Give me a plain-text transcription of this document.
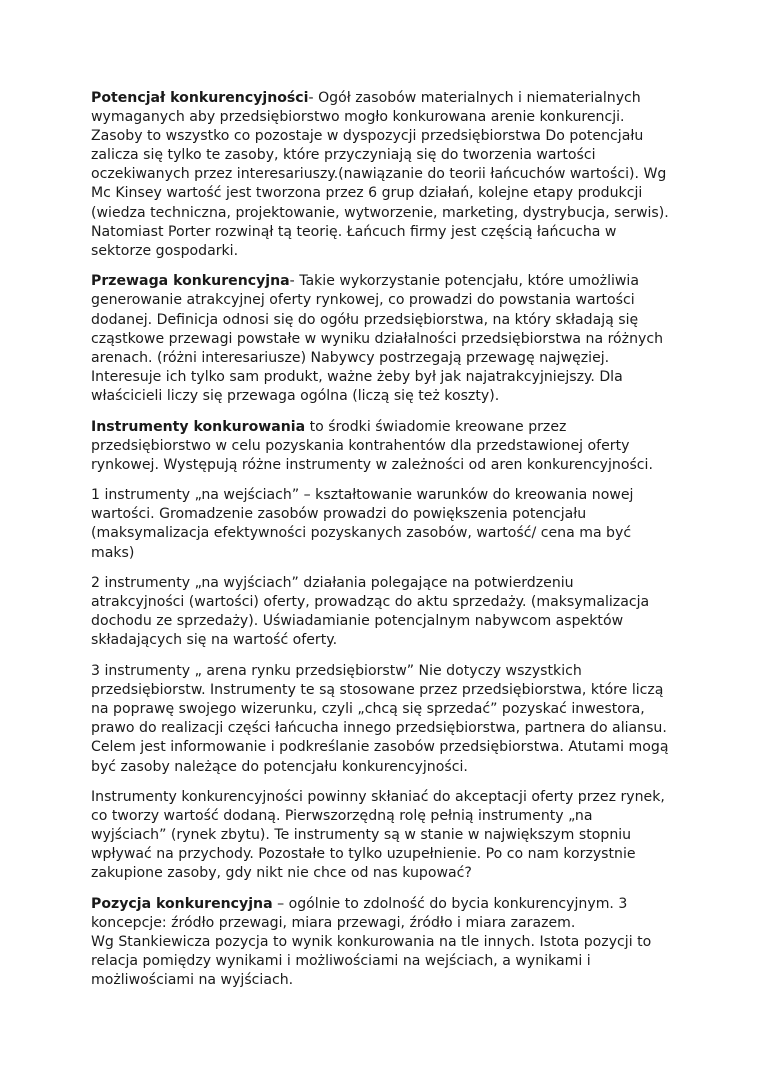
Potencjał konkurencyjności- Ogół zasobów materialnych i niematerialnych
wymaganych aby przedsiębiorstwo mogło konkurowana arenie konkurencji.
Zasoby to wszystko co pozostaje w dyspozycji przedsiębiorstwa Do potencjału
zalicza się tylko te zasoby, które przyczyniają się do tworzenia wartości
oczekiwanych przez interesariuszy.(nawiązanie do teorii łańcuchów wartości). Wg
Mc Kinsey wartość jest tworzona przez 6 grup działań, kolejne etapy produkcji
(wiedza techniczna, projektowanie, wytworzenie, marketing, dystrybucja, serwis).
Natomiast Porter rozwinął tą teorię. Łańcuch firmy jest częścią łańcucha w
sektorze gospodarki.

Przewaga konkurencyjna- Takie wykorzystanie potencjału, które umożliwia
generowanie atrakcyjnej oferty rynkowej, co prowadzi do powstania wartości
dodanej. Definicja odnosi się do ogółu przedsiębiorstwa, na który składają się
cząstkowe przewagi powstałe w wyniku działalności przedsiębiorstwa na różnych
arenach. (różni interesariusze) Nabywcy postrzegają przewagę najwęziej.
Interesuje ich tylko sam produkt, ważne żeby był jak najatrakcyjniejszy. Dla
właścicieli liczy się przewaga ogólna (liczą się też koszty).

Instrumenty konkurowania to środki świadomie kreowane przez
przedsiębiorstwo w celu pozyskania kontrahentów dla przedstawionej oferty
rynkowej. Występują różne instrumenty w zależności od aren konkurencyjności.

1 instrumenty „na wejściach” – kształtowanie warunków do kreowania nowej
wartości. Gromadzenie zasobów prowadzi do powiększenia potencjału
(maksymalizacja efektywności pozyskanych zasobów, wartość/ cena ma być
maks)

2 instrumenty „na wyjściach” działania polegające na potwierdzeniu
atrakcyjności (wartości) oferty, prowadząc do aktu sprzedaży. (maksymalizacja
dochodu ze sprzedaży). Uświadamianie potencjalnym nabywcom aspektów
składających się na wartość oferty.

3 instrumenty „ arena rynku przedsiębiorstw” Nie dotyczy wszystkich
przedsiębiorstw. Instrumenty te są stosowane przez przedsiębiorstwa, które liczą
na poprawę swojego wizerunku, czyli „chcą się sprzedać” pozyskać inwestora,
prawo do realizacji części łańcucha innego przedsiębiorstwa, partnera do aliansu.
Celem jest informowanie i podkreślanie zasobów przedsiębiorstwa. Atutami mogą
być zasoby należące do potencjału konkurencyjności.

Instrumenty konkurencyjności powinny skłaniać do akceptacji oferty przez rynek,
co tworzy wartość dodaną. Pierwszorzędną rolę pełnią instrumenty „na
wyjściach” (rynek zbytu). Te instrumenty są w stanie w największym stopniu
wpływać na przychody. Pozostałe to tylko uzupełnienie. Po co nam korzystnie
zakupione zasoby, gdy nikt nie chce od nas kupować?

Pozycja konkurencyjna – ogólnie to zdolność do bycia konkurencyjnym. 3
koncepcje: źródło przewagi, miara przewagi, źródło i miara zarazem.
Wg Stankiewicza pozycja to wynik konkurowania na tle innych. Istota pozycji to
relacja pomiędzy wynikami i możliwościami na wejściach, a wynikami i
możliwościami na wyjściach.
